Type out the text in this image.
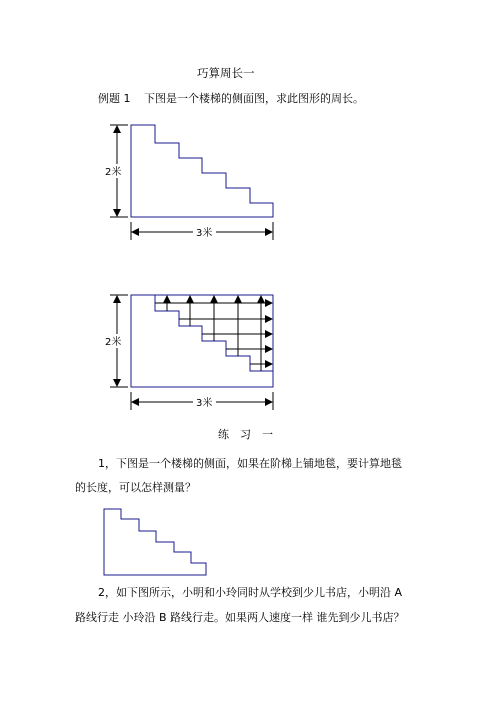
巧算周长一
例题 1 下图是一个楼梯的侧面图，求此图形的周长。
练　习　一
1，下图是一个楼梯的侧面，如果在阶梯上铺地毯，要计算地毯
的长度，可以怎样测量？
2，如下图所示，小明和小玲同时从学校到少儿书店，小明沿 A
路线行走 小玲沿 B 路线行走。如果两人速度一样 谁先到少儿书店？
2米
3米
2米
3米
